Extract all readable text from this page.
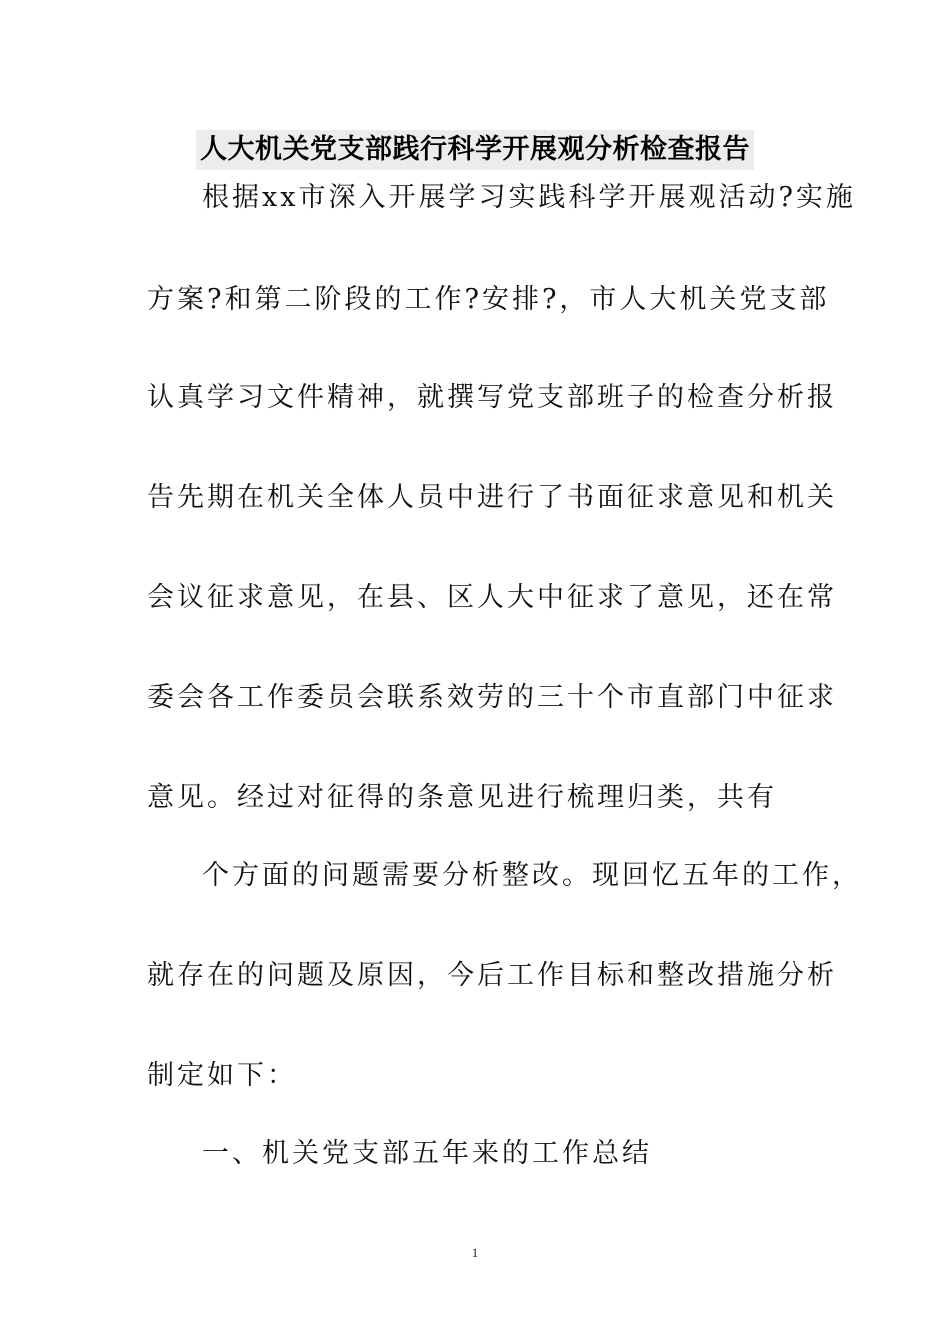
人大机关党支部践行科学开展观分析检查报告
根据xx市深入开展学习实践科学开展观活动?实施
方案?和第二阶段的工作?安排?，市人大机关党支部
认真学习文件精神，就撰写党支部班子的检查分析报
告先期在机关全体人员中进行了书面征求意见和机关
会议征求意见，在县、区人大中征求了意见，还在常
委会各工作委员会联系效劳的三十个市直部门中征求
意见。经过对征得的条意见进行梳理归类，共有
个方面的问题需要分析整改。现回忆五年的工作，
就存在的问题及原因，今后工作目标和整改措施分析
制定如下：
一、机关党支部五年来的工作总结
1
